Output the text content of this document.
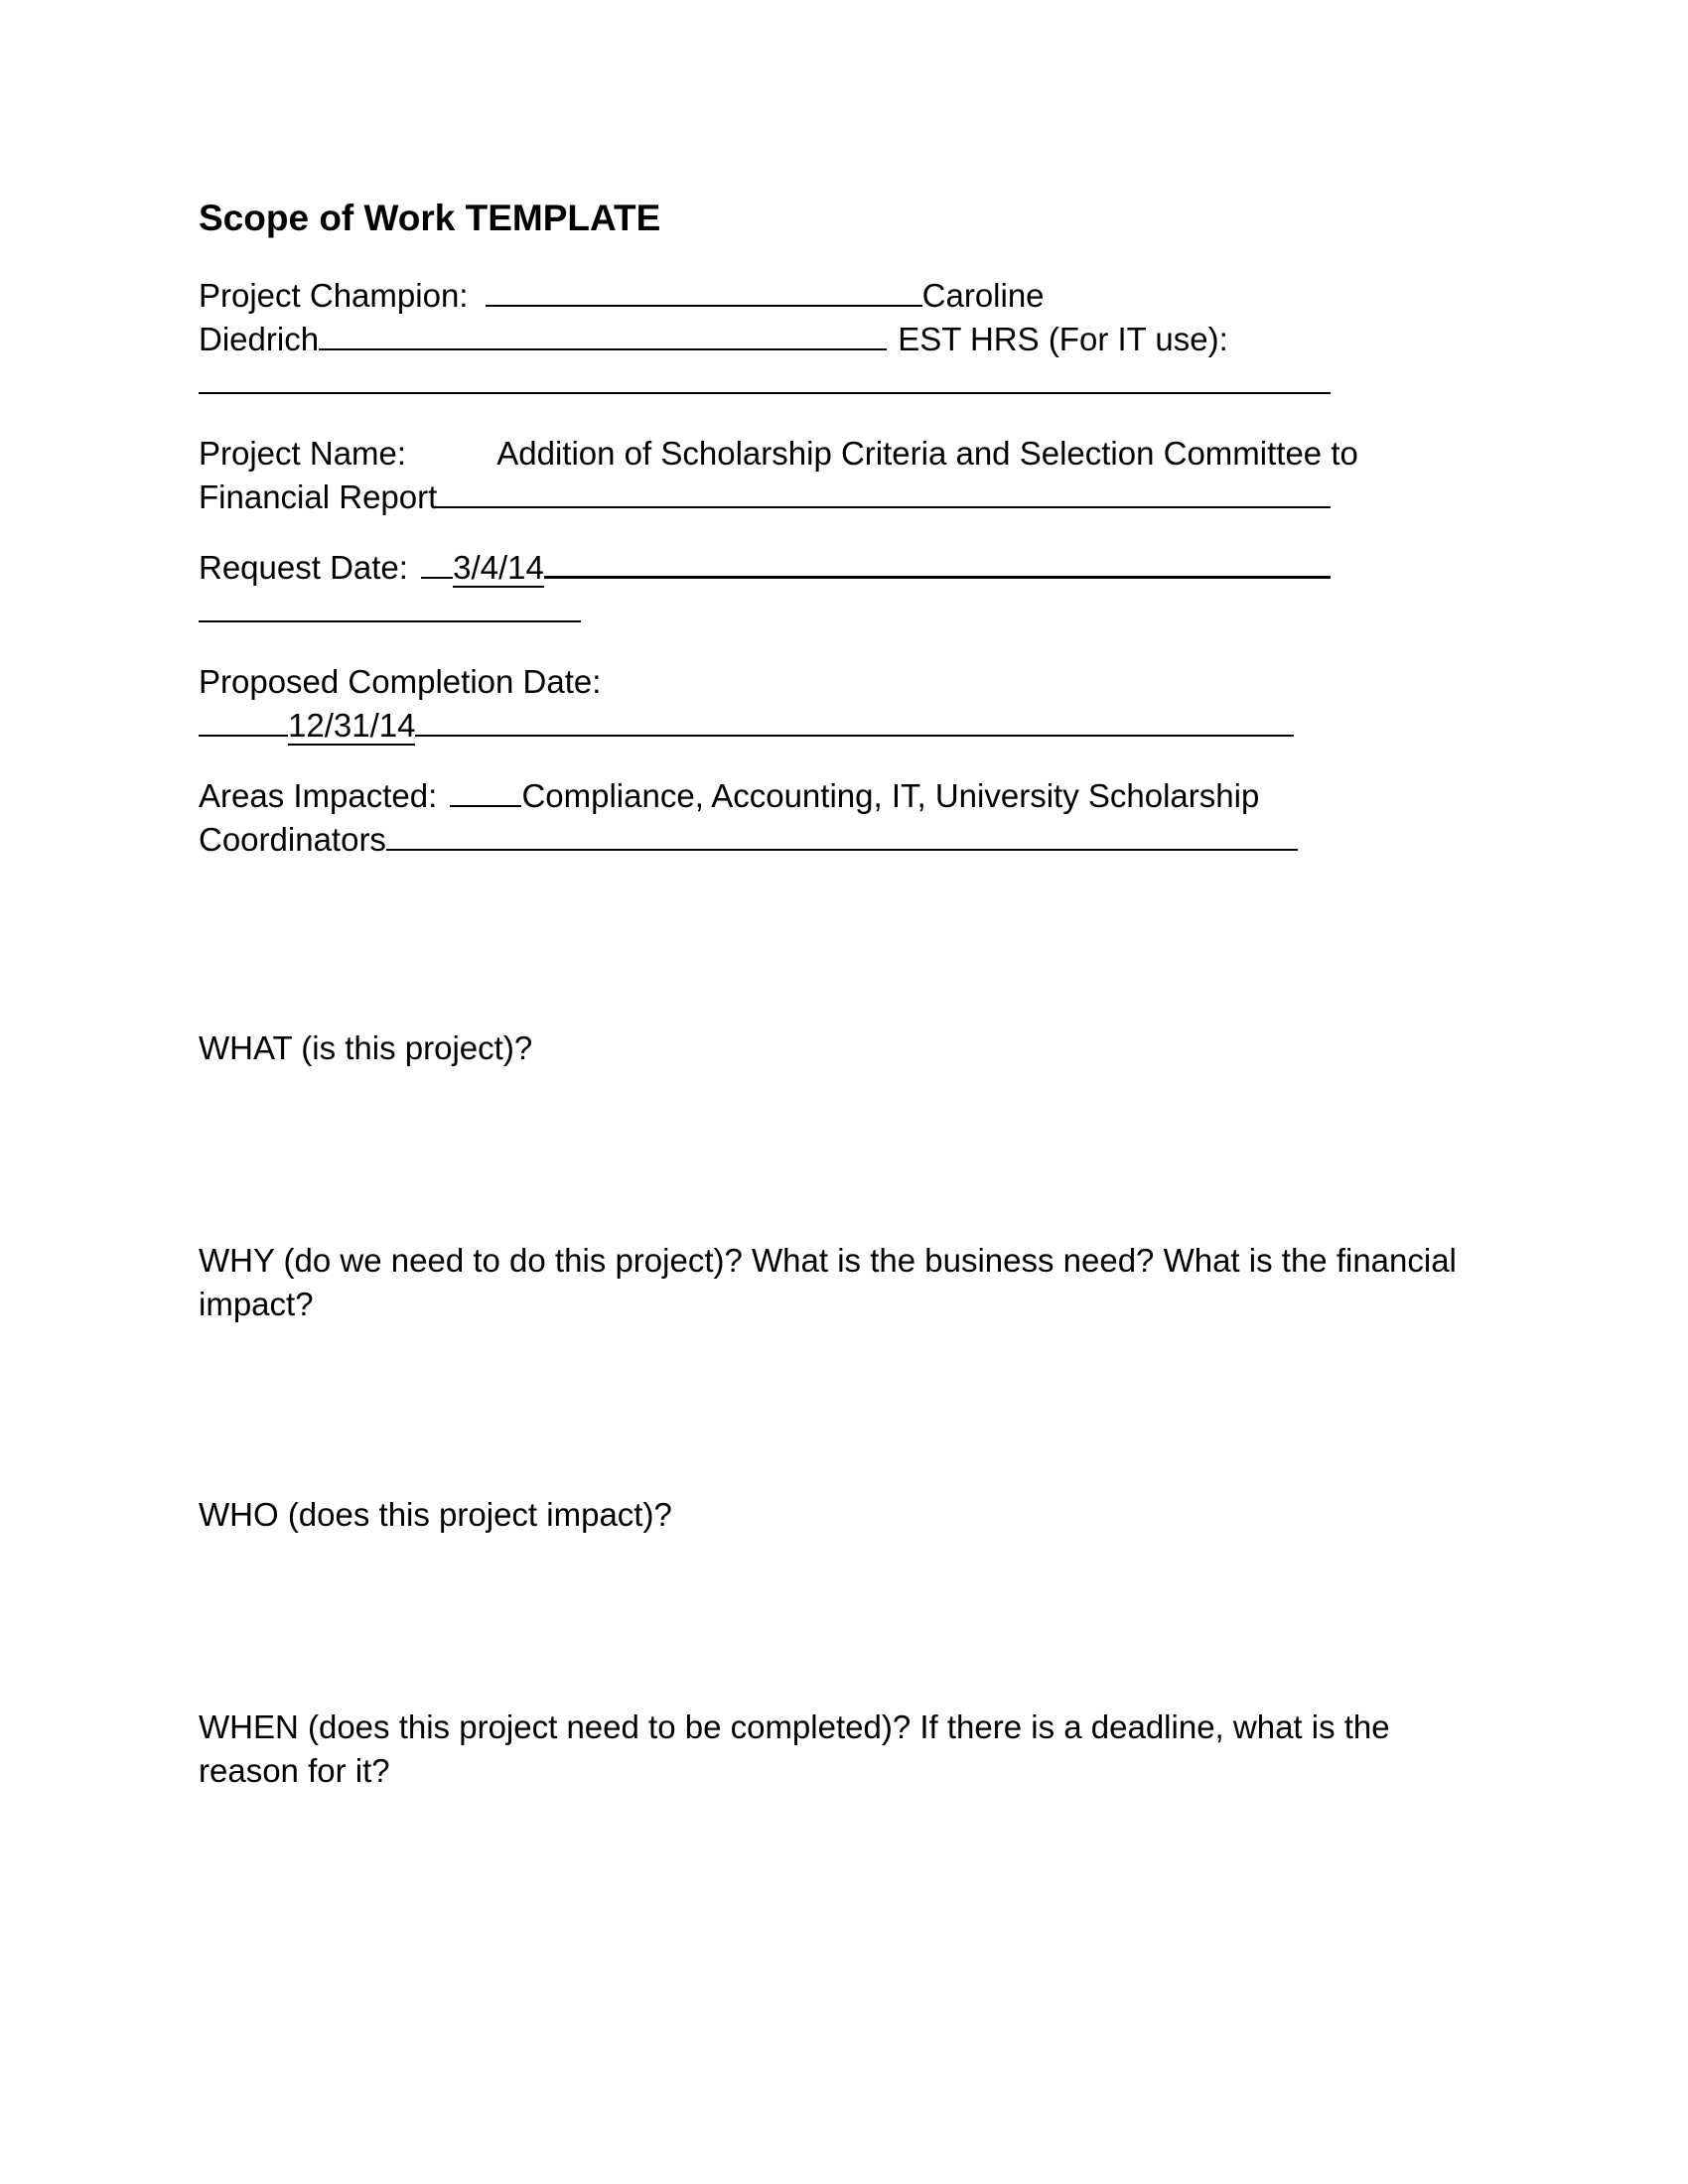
Scope of Work TEMPLATE
Project Champion:	Caroline
Diedrich	EST HRS (For IT use):
Project Name:	Addition of Scholarship Criteria and Selection Committee to
Financial Report
Request Date: 3/4/14
Proposed Completion Date:
12/31/14
Areas Impacted:	Compliance, Accounting, IT, University Scholarship
Coordinators
WHAT (is this project)?
WHY (do we need to do this project)? What is the business need? What is the financial
impact?
WHO (does this project impact)?
WHEN (does this project need to be completed)? If there is a deadline, what is the
reason for it?
